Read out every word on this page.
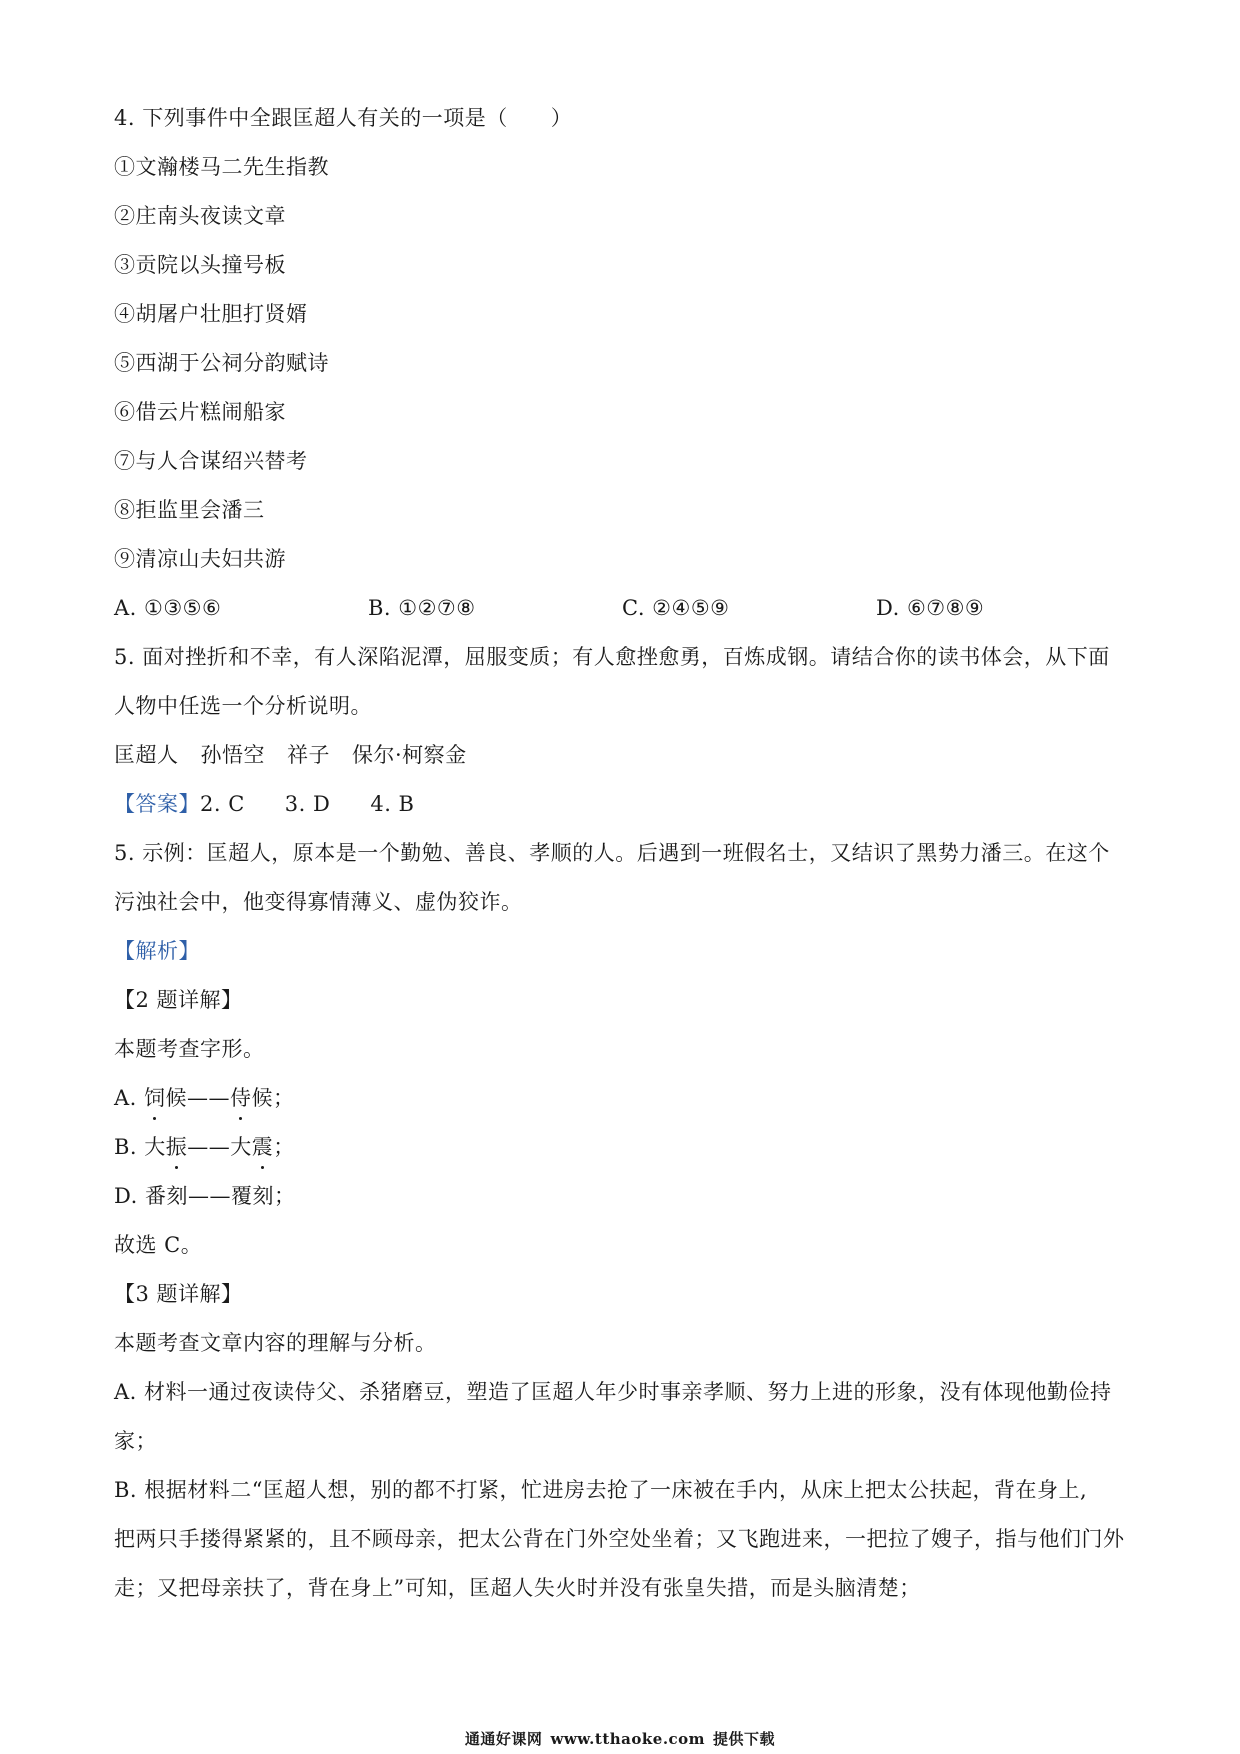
4. 下列事件中全跟匡超人有关的一项是（　　）
①文瀚楼马二先生指教
②庄南头夜读文章
③贡院以头撞号板
④胡屠户壮胆打贤婿
⑤西湖于公祠分韵赋诗
⑥借云片糕闹船家
⑦与人合谋绍兴替考
⑧拒监里会潘三
⑨清凉山夫妇共游
A. ①③⑤⑥	B. ①②⑦⑧	C. ②④⑤⑨	D. ⑥⑦⑧⑨
5. 面对挫折和不幸，有人深陷泥潭，屈服变质；有人愈挫愈勇，百炼成钢。请结合你的读书体会，从下面
人物中任选一个分析说明。
匡超人 孙悟空 祥子 保尔·柯察金
【答案】2. C 3. D 4. B
5. 示例：匡超人，原本是一个勤勉、善良、孝顺的人。后遇到一班假名士，又结识了黑势力潘三。在这个
污浊社会中，他变得寡情薄义、虚伪狡诈。
【解析】
【2 题详解】
本题考查字形。
A. 饲候——侍候；
B. 大振——大震；
D. 番刻——覆刻；
故选 C。
【3 题详解】
本题考查文章内容的理解与分析。
A. 材料一通过夜读侍父、杀猪磨豆，塑造了匡超人年少时事亲孝顺、努力上进的形象，没有体现他勤俭持
家；
B. 根据材料二“匡超人想，别的都不打紧，忙进房去抢了一床被在手内，从床上把太公扶起，背在身上,
把两只手搂得紧紧的，且不顾母亲，把太公背在门外空处坐着；又飞跑进来，一把拉了嫂子，指与他们门外
走；又把母亲扶了，背在身上”可知，匡超人失火时并没有张皇失措，而是头脑清楚；
通通好课网 www.tthaoke.com 提供下载
